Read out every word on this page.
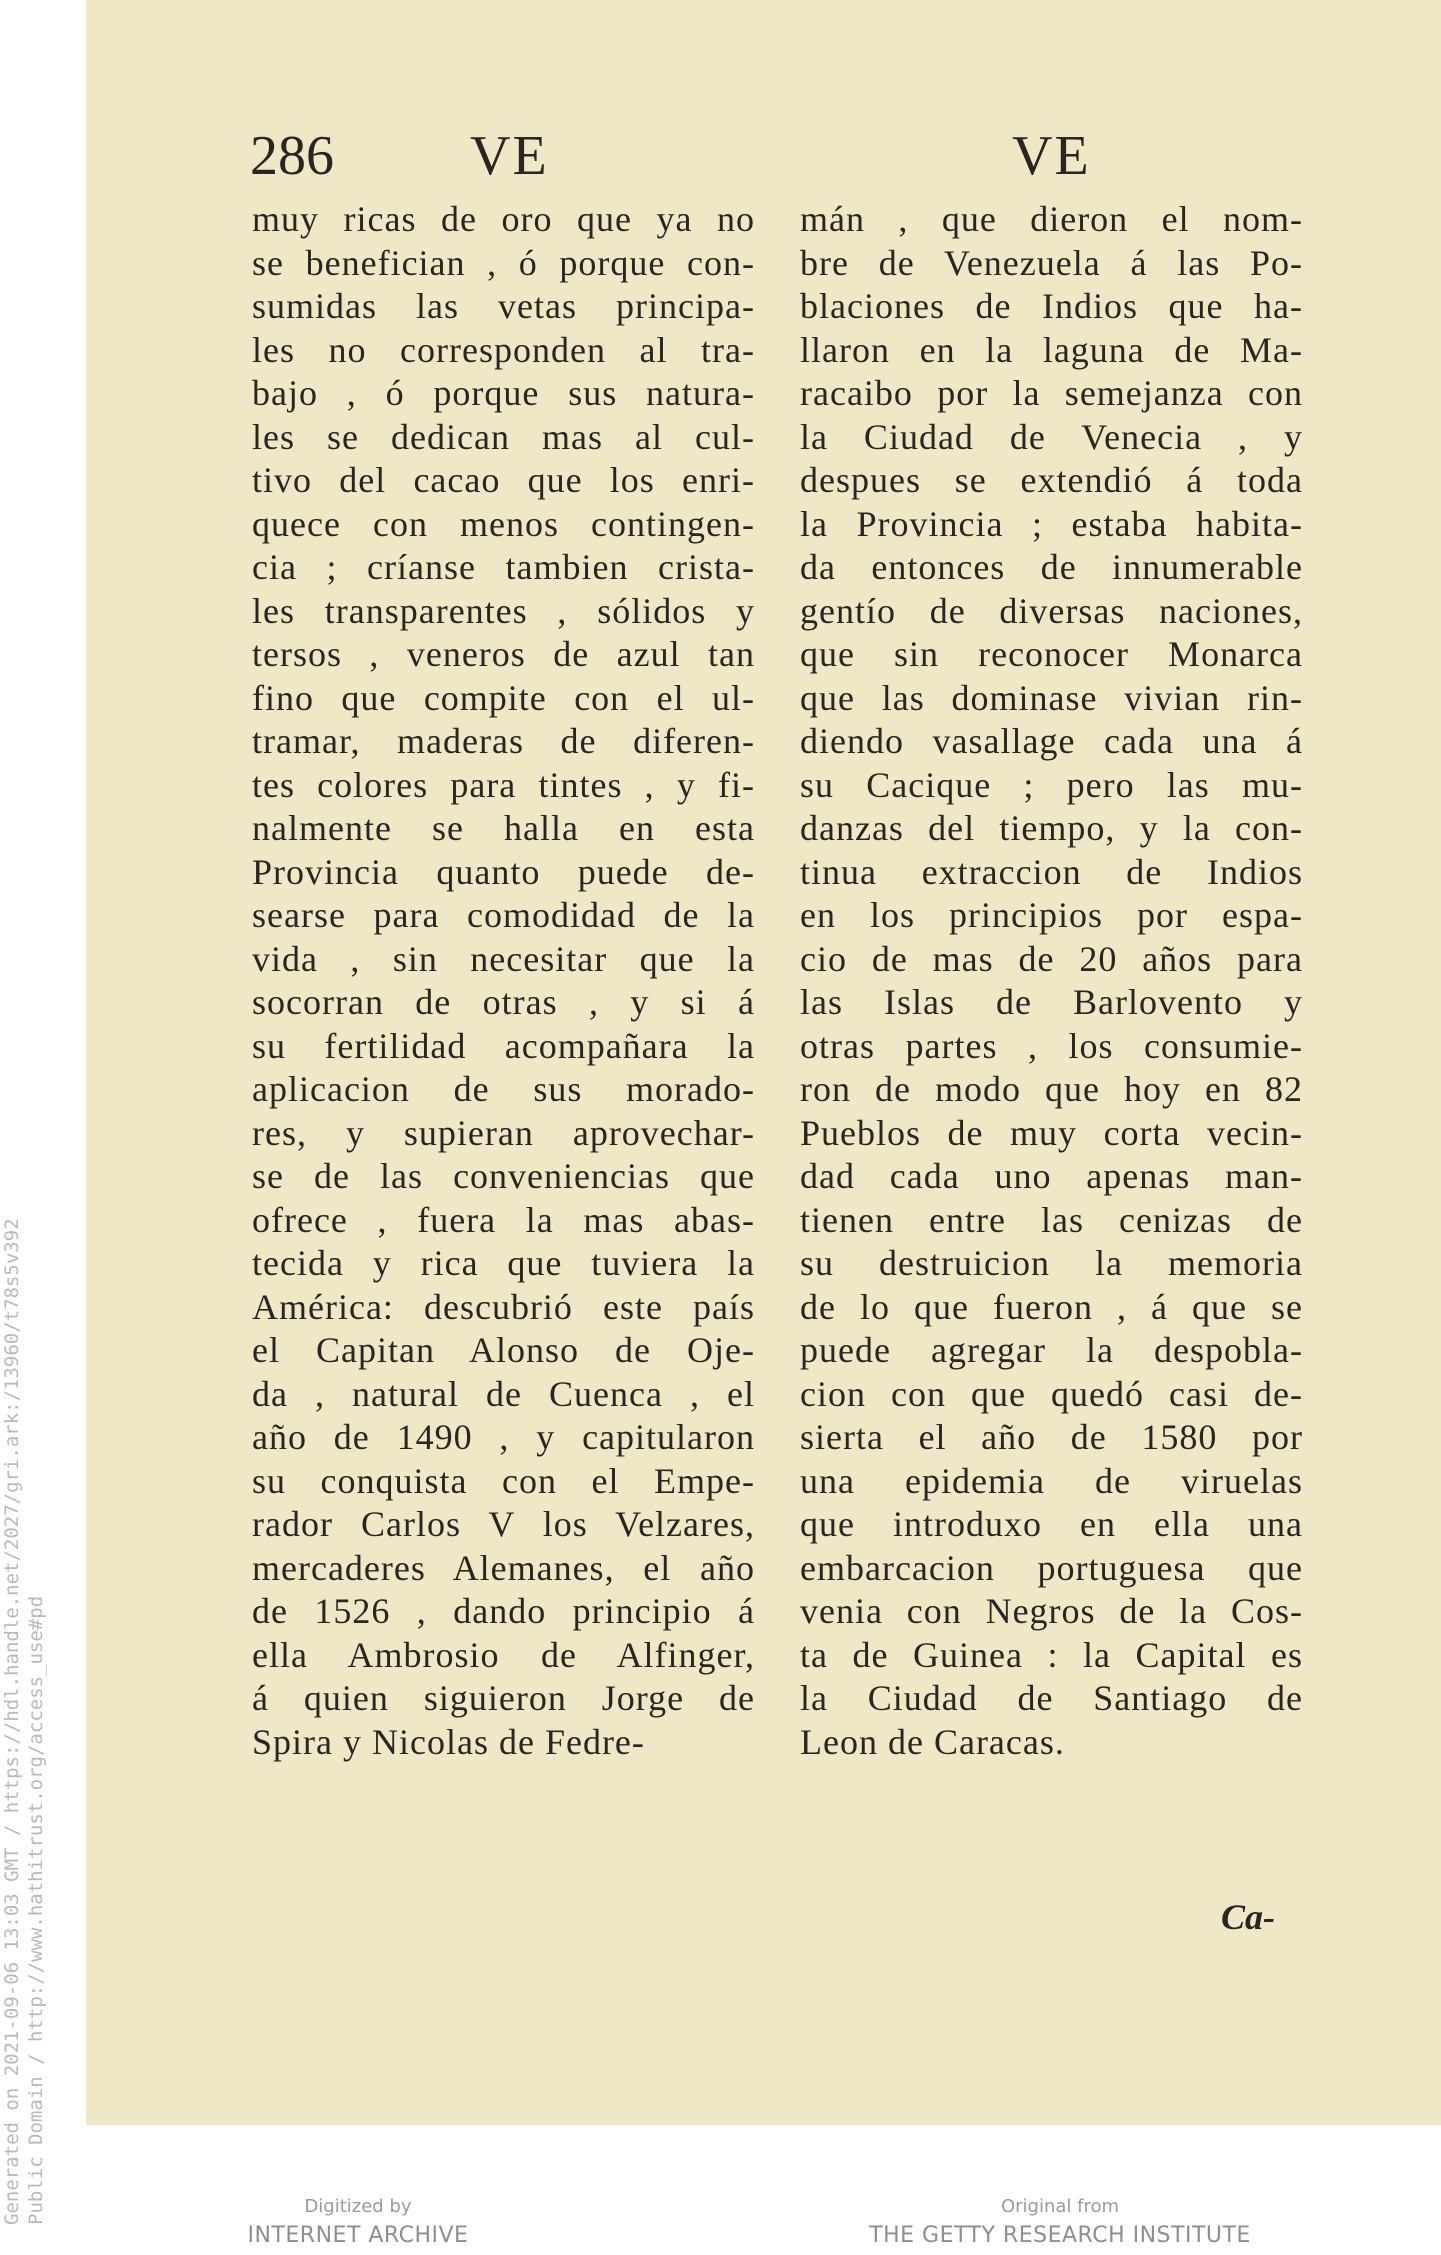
Generated on 2021-09-06 13:03 GMT / https://hdl.handle.net/2027/gri.ark:/13960/t78s5v392 Public Domain / http://www.hathitrust.org/access_use#pd
286 VE	VE
muy ricas de oro que ya no
se benefician , ó porque con-
sumidas las vetas principa-
les no corresponden al tra-
bajo , ó porque sus natura-
les se dedican mas al cul-
tivo del cacao que los enri-
quece con menos contingen-
cia ; críanse tambien crista-
les transparentes , sólidos y
tersos , veneros de azul tan
fino que compite con el ul-
tramar, maderas de diferen-
tes colores para tintes , y fi-
nalmente se halla en esta
Provincia quanto puede de-
searse para comodidad de la
vida , sin necesitar que la
socorran de otras , y si á
su fertilidad acompañara la
aplicacion de sus morado-
res, y supieran aprovechar-
se de las conveniencias que
ofrece , fuera la mas abas-
tecida y rica que tuviera la
América: descubrió este país
el Capitan Alonso de Oje-
da , natural de Cuenca , el
año de 1490 , y capitularon
su conquista con el Empe-
rador Carlos V los Velzares,
mercaderes Alemanes, el año
de 1526 , dando principio á
ella Ambrosio de Alfinger,
á quien siguieron Jorge de
Spira y Nicolas de Fedre-
mán , que dieron el nom-
bre de Venezuela á las Po-
blaciones de Indios que ha-
llaron en la laguna de Ma-
racaibo por la semejanza con
la Ciudad de Venecia , y
despues se extendió á toda
la Provincia ; estaba habita-
da entonces de innumerable
gentío de diversas naciones,
que sin reconocer Monarca
que las dominase vivian rin-
diendo vasallage cada una á
su Cacique ; pero las mu-
danzas del tiempo, y la con-
tinua extraccion de Indios
en los principios por espa-
cio de mas de 20 años para
las Islas de Barlovento y
otras partes , los consumie-
ron de modo que hoy en 82
Pueblos de muy corta vecin-
dad cada uno apenas man-
tienen entre las cenizas de
su destruicion la memoria
de lo que fueron , á que se
puede agregar la despobla-
cion con que quedó casi de-
sierta el año de 1580 por
una epidemia de viruelas
que introduxo en ella una
embarcacion portuguesa que
venia con Negros de la Cos-
ta de Guinea : la Capital es
la Ciudad de Santiago de
Leon de Caracas.
Ca-
Digitized by
INTERNET ARCHIVE
Original from
THE GETTY RESEARCH INSTITUTE
